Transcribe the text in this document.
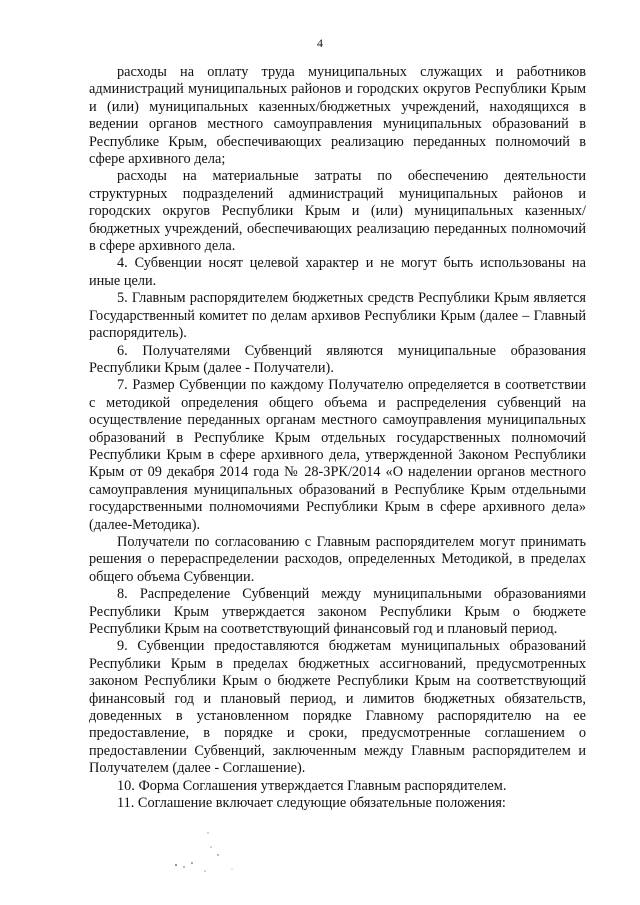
4

расходы на оплату труда муниципальных служащих и работников администраций муниципальных районов и городских округов Республики Крым и (или) муниципальных казенных/бюджетных учреждений, находящихся в ведении органов местного самоуправления муниципальных образований в Республике Крым, обеспечивающих реализацию переданных полномочий в сфере архивного дела;

расходы на материальные затраты по обеспечению деятельности структурных подразделений администраций муниципальных районов и городских округов Республики Крым и (или) муниципальных казенных/бюджетных учреждений, обеспечивающих реализацию переданных полномочий в сфере архивного дела.

4. Субвенции носят целевой характер и не могут быть использованы на иные цели.

5. Главным распорядителем бюджетных средств Республики Крым является Государственный комитет по делам архивов Республики Крым (далее – Главный распорядитель).

6. Получателями Субвенций являются муниципальные образования Республики Крым (далее - Получатели).

7. Размер Субвенции по каждому Получателю определяется в соответствии с методикой определения общего объема и распределения субвенций на осуществление переданных органам местного самоуправления муниципальных образований в Республике Крым отдельных государственных полномочий Республики Крым в сфере архивного дела, утвержденной Законом Республики Крым от 09 декабря 2014 года № 28-ЗРК/2014 «О наделении органов местного самоуправления муниципальных образований в Республике Крым отдельными государственными полномочиями Республики Крым в сфере архивного дела» (далее-Методика).

Получатели по согласованию с Главным распорядителем могут принимать решения о перераспределении расходов, определенных Методикой, в пределах общего объема Субвенции.

8. Распределение Субвенций между муниципальными образованиями Республики Крым утверждается законом Республики Крым о бюджете Республики Крым на соответствующий финансовый год и плановый период.

9. Субвенции предоставляются бюджетам муниципальных образований Республики Крым в пределах бюджетных ассигнований, предусмотренных законом Республики Крым о бюджете Республики Крым на соответствующий финансовый год и плановый период, и лимитов бюджетных обязательств, доведенных в установленном порядке Главному распорядителю на ее предоставление, в порядке и сроки, предусмотренные соглашением о предоставлении Субвенций, заключенным между Главным распорядителем и Получателем (далее - Соглашение).

10. Форма Соглашения утверждается Главным распорядителем.

11. Соглашение включает следующие обязательные положения:
